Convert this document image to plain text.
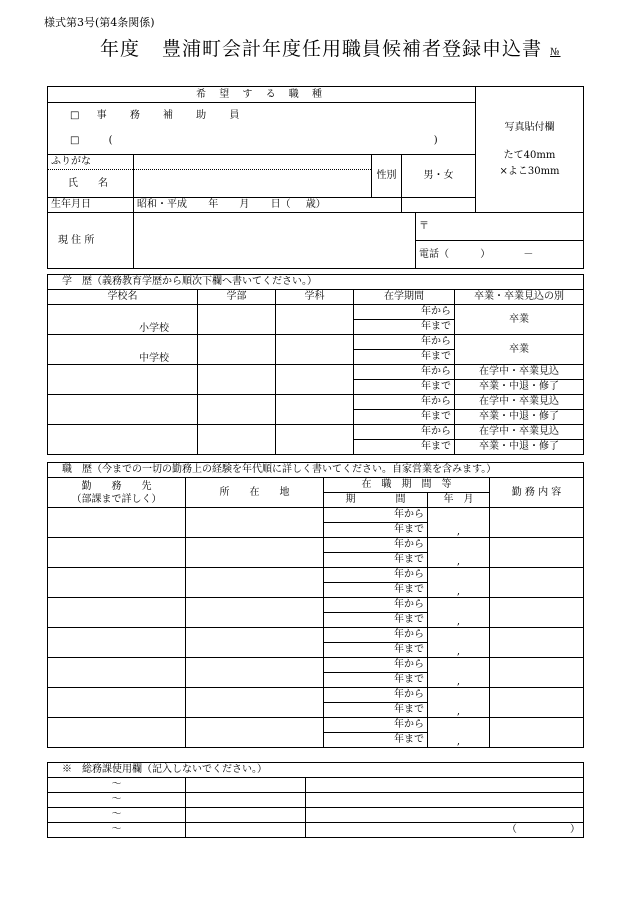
様式第3号(第4条関係)
年度 豊浦町会計年度任用職員候補者登録申込書 №
希 望 す る 職 種					写真貼付欄
たて40mm
×よこ30mm

□ 事 務 補 助 員					
□ ( )					
ふりがな		性別	男・女		
氏　　名					
生年月日	昭和・平成 年 月 日（ 歳）				
現 住 所				〒	
				電話（ ） －	
学　歴（義務教育学歴から順次下欄へ書いてください。）				
学校名	学部	学科	在学期間	卒業・卒業見込の別
小学校			年から	卒業
			年まで	
中学校			年から	卒業
			年まで	
			年から	在学中・卒業見込
			年まで	卒業・中退・修了
			年から	在学中・卒業見込
			年まで	卒業・中退・修了
			年から	在学中・卒業見込
			年まで	卒業・中退・修了
職　歴（今までの一切の勤務上の経験を年代順に詳しく書いてください。自家営業を含みます。）				

勤　　務　　先
（部課まで詳しく）	所　　在　　地	在　職　期　間　等		勤 務 内 容
		期　　　　間	年　月	
		年から	,	
		年まで		
		年から	,	
		年まで		
		年から	,	
		年まで		
		年から	,	
		年まで		
		年から	,	
		年まで		
		年から	,	
		年まで		
		年から	,	
		年まで		
		年から	,	
		年まで		
※　総務課使用欄（記入しないでください。）		
～		
～		
～		
～		（ ）
